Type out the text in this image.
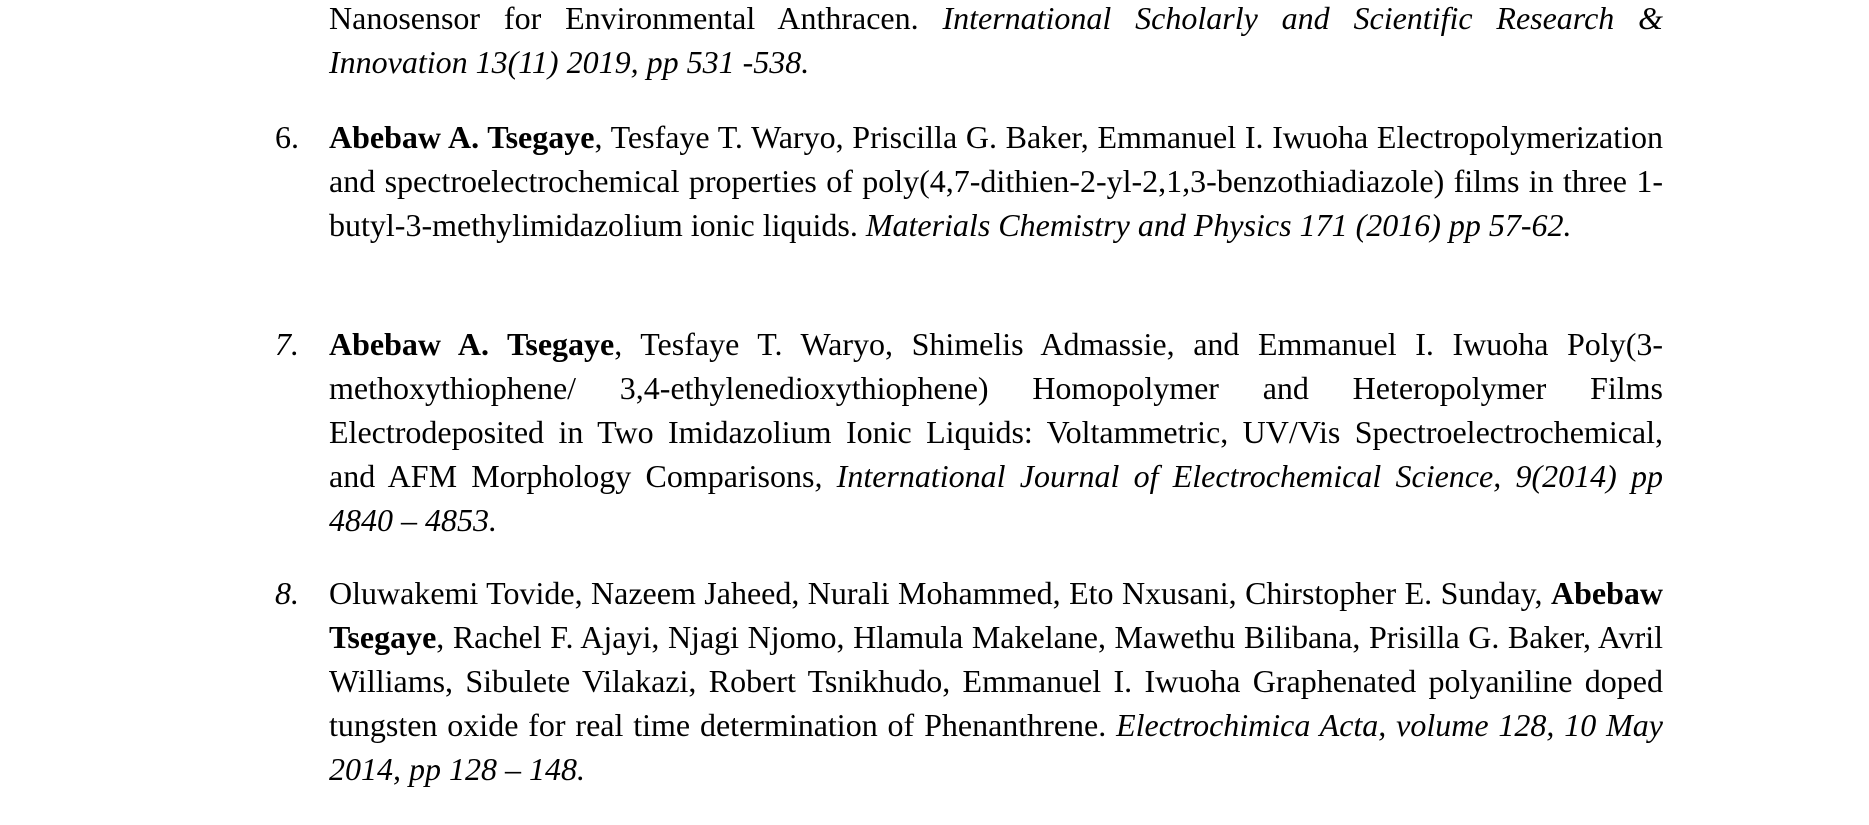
Nanosensor for Environmental Anthracen. International Scholarly and Scientific Research & Innovation 13(11) 2019, pp 531 -538.
6. Abebaw A. Tsegaye, Tesfaye T. Waryo, Priscilla G. Baker, Emmanuel I. Iwuoha Electropolymerization and spectroelectrochemical properties of poly(4,7-dithien-2-yl-2,1,3-benzothiadiazole) films in three 1-butyl-3-methylimidazolium ionic liquids. Materials Chemistry and Physics 171 (2016) pp 57-62.
7. Abebaw A. Tsegaye, Tesfaye T. Waryo, Shimelis Admassie, and Emmanuel I. Iwuoha Poly(3-methoxythiophene/ 3,4-ethylenedioxythiophene) Homopolymer and Heteropolymer Films Electrodeposited in Two Imidazolium Ionic Liquids: Voltammetric, UV/Vis Spectroelectrochemical, and AFM Morphology Comparisons, International Journal of Electrochemical Science, 9(2014) pp 4840 – 4853.
8. Oluwakemi Tovide, Nazeem Jaheed, Nurali Mohammed, Eto Nxusani, Chirstopher E. Sunday, Abebaw Tsegaye, Rachel F. Ajayi, Njagi Njomo, Hlamula Makelane, Mawethu Bilibana, Prisilla G. Baker, Avril Williams, Sibulete Vilakazi, Robert Tsnikhudo, Emmanuel I. Iwuoha Graphenated polyaniline doped tungsten oxide for real time determination of Phenanthrene. Electrochimica Acta, volume 128, 10 May 2014, pp 128 – 148.
